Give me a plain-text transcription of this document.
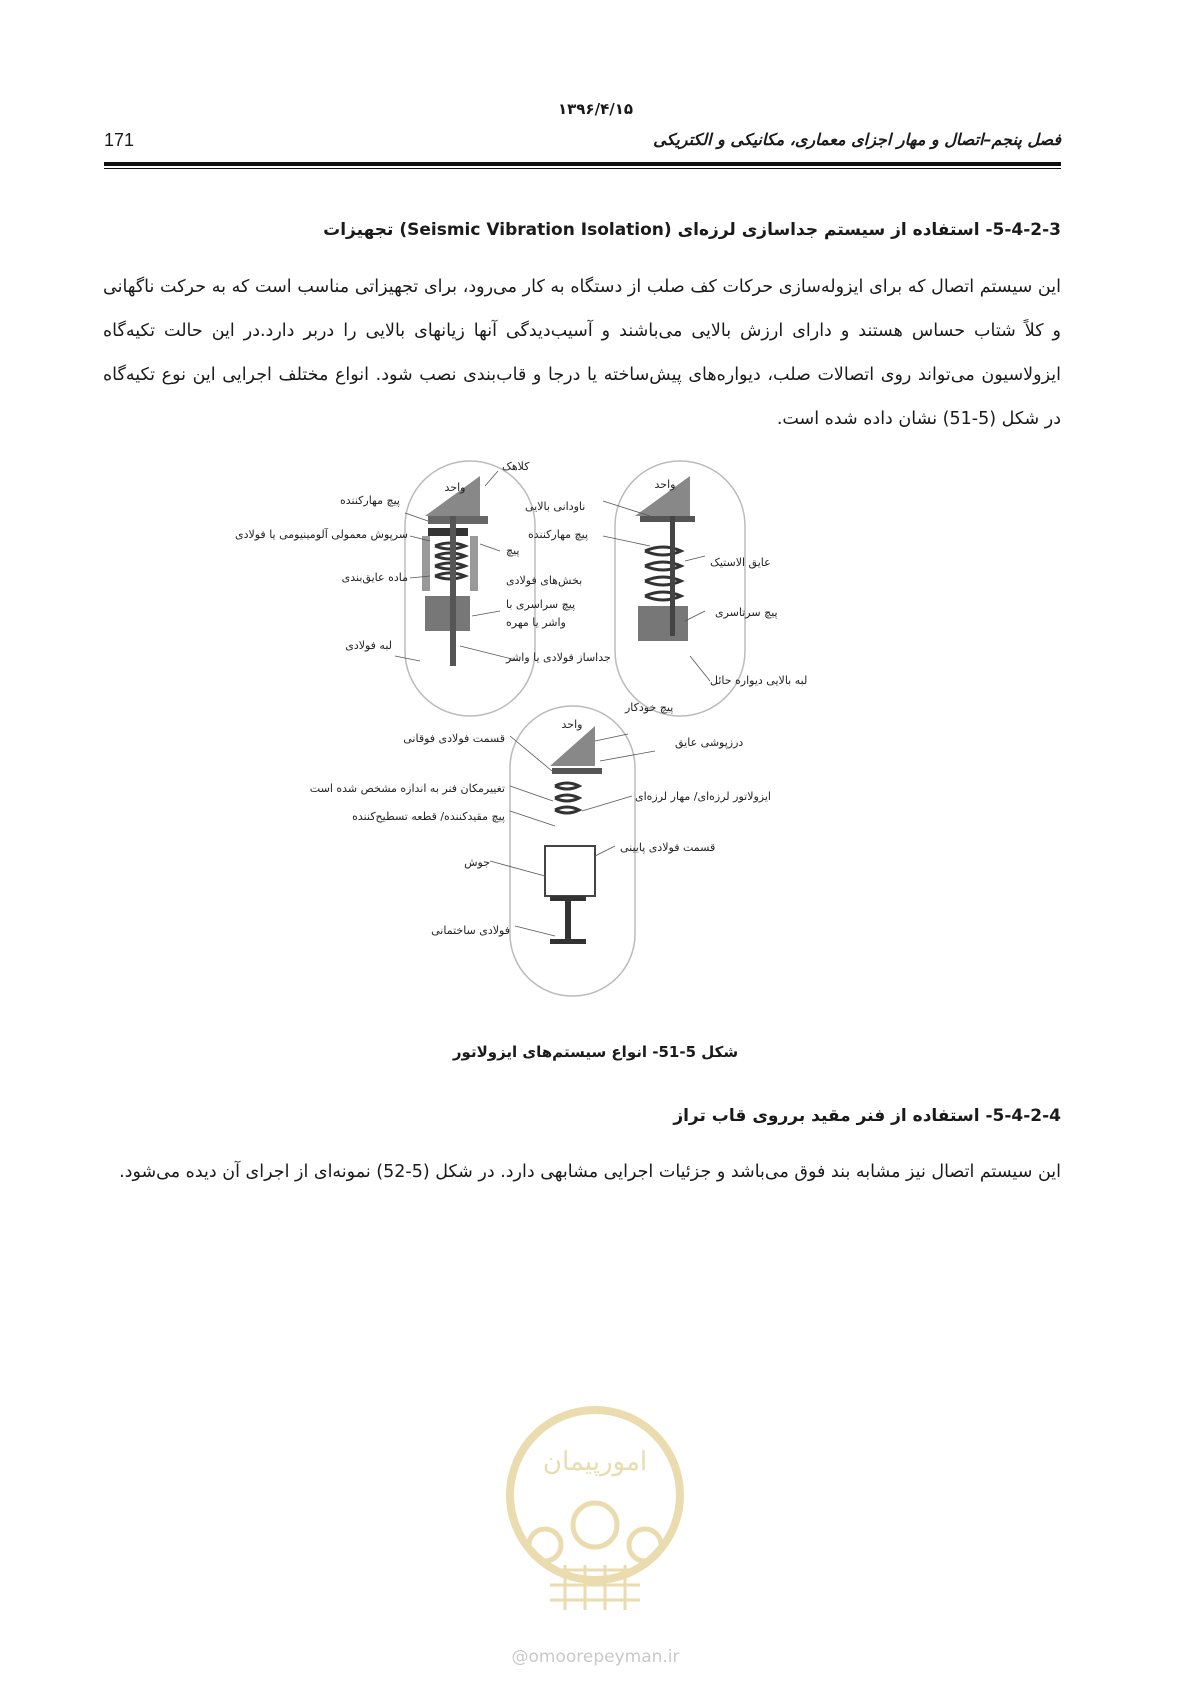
۱۳۹۶/۴/۱۵
171	فصل پنجم–اتصال و مهار اجزای معماری، مکانیکی و الکتریکی
5-4-2-3- استفاده از سیستم جداسازی لرزه‌ای (Seismic Vibration Isolation) تجهیزات

این سیستم اتصال که برای ایزوله‌سازی حرکات کف صلب از دستگاه به کار می‌رود، برای تجهیزاتی مناسب است که به حرکت ناگهانی و کلاً شتاب حساس هستند و دارای ارزش بالایی می‌باشند و آسیب‌دیدگی آنها زیانهای بالایی را دربر دارد.در این حالت تکیه‌گاه ایزولاسیون می‌تواند روی اتصالات صلب، دیواره‌های پیش‌ساخته یا درجا و قاب‌بندی نصب شود. انواع مختلف اجرایی این نوع تکیه‌گاه در شکل (5-51) نشان داده شده است.

کلاهک
واحد
پیچ مهارکننده
سرپوش معمولی آلومینیومی یا فولادی
پیچ
ماده عایق‌بندی	بخش‌های فولادی
پیچ سراسری با
واشر یا مهره
لبه فولادی
جداساز فولادی یا واشر
واحد
ناودانی بالایی
پیچ مهارکننده
عایق الاستیک
پیچ سرتاسری
لبه بالایی دیواره حائل
واحد
پیچ خودکار
قسمت فولادی فوقانی	درزپوشی عایق
تغییرمکان فنر به اندازه مشخص شده است
ایزولاتور لرزه‌ای/ مهار لرزه‌ای
پیچ مقیدکننده/ قطعه تسطیح‌کننده
قسمت فولادی پایینی
جوش
فولادی ساختمانی
شکل 5-51- انواع سیستم‌های ایزولاتور
5-4-2-4- استفاده از فنر مقید برروی قاب تراز

این سیستم اتصال نیز مشابه بند فوق می‌باشد و جزئیات اجرایی مشابهی دارد. در شکل (5-52) نمونه‌ای از اجرای آن دیده می‌شود.

امورپیمان
@omoorepeyman.ir
